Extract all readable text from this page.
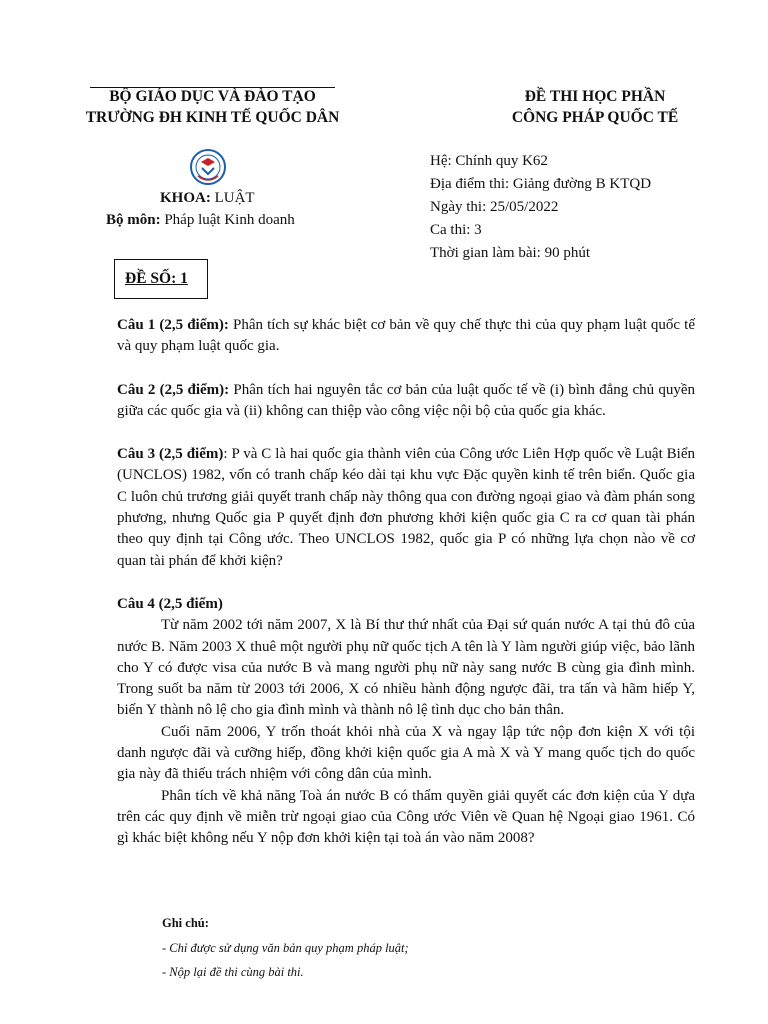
BỘ GIÁO DỤC VÀ ĐÀO TẠO
TRƯỜNG ĐH KINH TẾ QUỐC DÂN
ĐỀ THI HỌC PHẦN
CÔNG PHÁP QUỐC TẾ
KHOA: LUẬT
Bộ môn: Pháp luật Kinh doanh
Hệ: Chính quy K62
Địa điểm thi: Giảng đường B KTQD
Ngày thi: 25/05/2022
Ca thi: 3
Thời gian làm bài: 90 phút
ĐỀ SỐ: 1

Câu 1 (2,5 điểm): Phân tích sự khác biệt cơ bản về quy chế thực thi của quy phạm luật quốc tế và quy phạm luật quốc gia.

Câu 2 (2,5 điểm): Phân tích hai nguyên tắc cơ bản của luật quốc tế về (i) bình đẳng chủ quyền giữa các quốc gia và (ii) không can thiệp vào công việc nội bộ của quốc gia khác.

Câu 3 (2,5 điểm): P và C là hai quốc gia thành viên của Công ước Liên Hợp quốc về Luật Biển (UNCLOS) 1982, vốn có tranh chấp kéo dài tại khu vực Đặc quyền kinh tế trên biển. Quốc gia C luôn chủ trương giải quyết tranh chấp này thông qua con đường ngoại giao và đàm phán song phương, nhưng Quốc gia P quyết định đơn phương khởi kiện quốc gia C ra cơ quan tài phán theo quy định tại Công ước. Theo UNCLOS 1982, quốc gia P có những lựa chọn nào về cơ quan tài phán để khởi kiện?

Câu 4 (2,5 điểm)

Từ năm 2002 tới năm 2007, X là Bí thư thứ nhất của Đại sứ quán nước A tại thủ đô của nước B. Năm 2003 X thuê một người phụ nữ quốc tịch A tên là Y làm người giúp việc, bảo lãnh cho Y có được visa của nước B và mang người phụ nữ này sang nước B cùng gia đình mình. Trong suốt ba năm từ 2003 tới 2006, X có nhiều hành động ngược đãi, tra tấn và hãm hiếp Y, biến Y thành nô lệ cho gia đình mình và thành nô lệ tình dục cho bản thân.

Cuối năm 2006, Y trốn thoát khỏi nhà của X và ngay lập tức nộp đơn kiện X với tội danh ngược đãi và cưỡng hiếp, đồng khởi kiện quốc gia A mà X và Y mang quốc tịch do quốc gia này đã thiếu trách nhiệm với công dân của mình.

Phân tích về khả năng Toà án nước B có thẩm quyền giải quyết các đơn kiện của Y dựa trên các quy định về miễn trừ ngoại giao của Công ước Viên về Quan hệ Ngoại giao 1961. Có gì khác biệt không nếu Y nộp đơn khởi kiện tại toà án vào năm 2008?

Ghi chú:
- Chỉ được sử dụng văn bản quy phạm pháp luật;
- Nộp lại đề thi cùng bài thi.
